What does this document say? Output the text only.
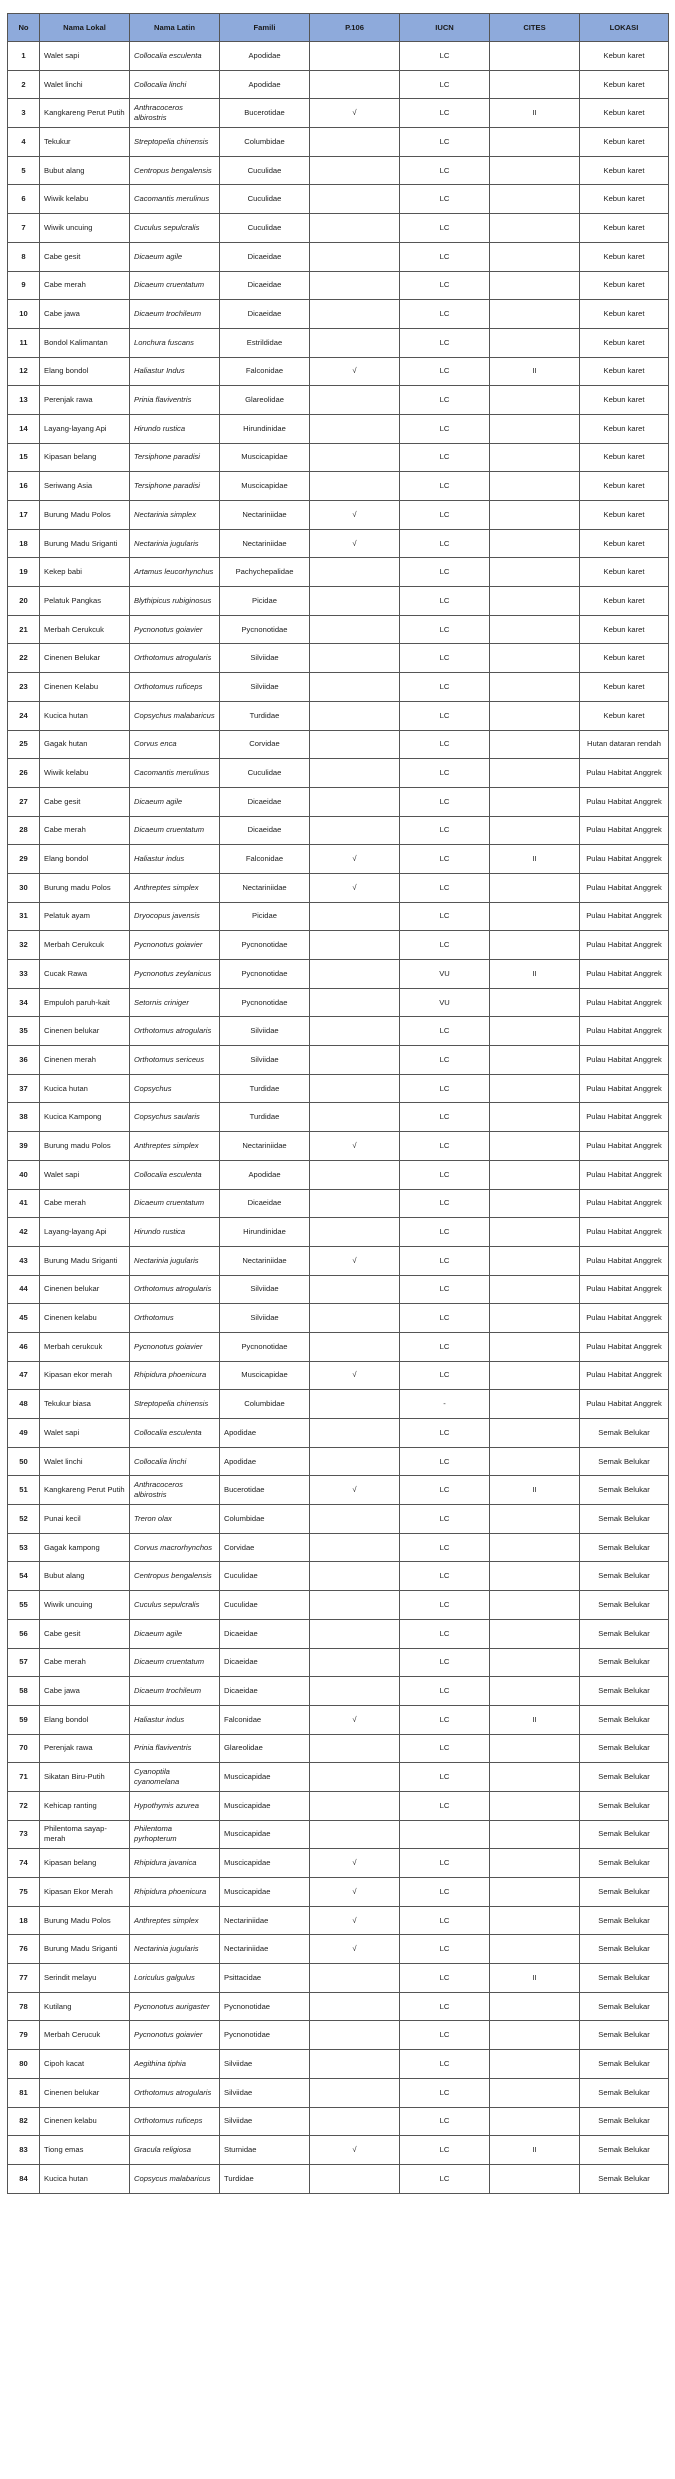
No	Nama Lokal	Nama Latin	Famili	P.106	IUCN	CITES	LOKASI
1	Walet sapi	Collocalia esculenta	Apodidae		LC		Kebun karet
2	Walet linchi	Collocalia linchi	Apodidae		LC		Kebun karet
3	Kangkareng Perut Putih	Anthracoceros albirostris	Bucerotidae	√	LC	II	Kebun karet
4	Tekukur	Streptopelia chinensis	Columbidae		LC		Kebun karet
5	Bubut alang	Centropus bengalensis	Cuculidae		LC		Kebun karet
6	Wiwik kelabu	Cacomantis merulinus	Cuculidae		LC		Kebun karet
7	Wiwik uncuing	Cuculus sepulcralis	Cuculidae		LC		Kebun karet
8	Cabe gesit	Dicaeum agile	Dicaeidae		LC		Kebun karet
9	Cabe merah	Dicaeum cruentatum	Dicaeidae		LC		Kebun karet
10	Cabe jawa	Dicaeum trochileum	Dicaeidae		LC		Kebun karet
11	Bondol Kalimantan	Lonchura fuscans	Estrildidae		LC		Kebun karet
12	Elang bondol	Haliastur Indus	Falconidae	√	LC	II	Kebun karet
13	Perenjak rawa	Prinia flaviventris	Glareolidae		LC		Kebun karet
14	Layang-layang Api	Hirundo rustica	Hirundinidae		LC		Kebun karet
15	Kipasan belang	Tersiphone paradisi	Muscicapidae		LC		Kebun karet
16	Seriwang Asia	Tersiphone paradisi	Muscicapidae		LC		Kebun karet
17	Burung Madu Polos	Nectarinia simplex	Nectariniidae	√	LC		Kebun karet
18	Burung Madu Sriganti	Nectarinia jugularis	Nectariniidae	√	LC		Kebun karet
19	Kekep babi	Artamus leucorhynchus	Pachychepalidae		LC		Kebun karet
20	Pelatuk Pangkas	Blythipicus rubiginosus	Picidae		LC		Kebun karet
21	Merbah Cerukcuk	Pycnonotus goiavier	Pycnonotidae		LC		Kebun karet
22	Cinenen Belukar	Orthotomus atrogularis	Silviidae		LC		Kebun karet
23	Cinenen Kelabu	Orthotomus ruficeps	Silviidae		LC		Kebun karet
24	Kucica hutan	Copsychus malabaricus	Turdidae		LC		Kebun karet
25	Gagak hutan	Corvus enca	Corvidae		LC		Hutan dataran rendah
26	Wiwik kelabu	Cacomantis merulinus	Cuculidae		LC		Pulau Habitat Anggrek
27	Cabe gesit	Dicaeum agile	Dicaeidae		LC		Pulau Habitat Anggrek
28	Cabe merah	Dicaeum cruentatum	Dicaeidae		LC		Pulau Habitat Anggrek
29	Elang bondol	Haliastur indus	Falconidae	√	LC	II	Pulau Habitat Anggrek
30	Burung madu Polos	Anthreptes simplex	Nectariniidae	√	LC		Pulau Habitat Anggrek
31	Pelatuk ayam	Dryocopus javensis	Picidae		LC		Pulau Habitat Anggrek
32	Merbah Cerukcuk	Pycnonotus goiavier	Pycnonotidae		LC		Pulau Habitat Anggrek
33	Cucak Rawa	Pycnonotus zeylanicus	Pycnonotidae		VU	II	Pulau Habitat Anggrek
34	Empuloh paruh-kait	Setornis criniger	Pycnonotidae		VU		Pulau Habitat Anggrek
35	Cinenen belukar	Orthotomus atrogularis	Silviidae		LC		Pulau Habitat Anggrek
36	Cinenen merah	Orthotomus sericeus	Silviidae		LC		Pulau Habitat Anggrek
37	Kucica hutan	Copsychus	Turdidae		LC		Pulau Habitat Anggrek
38	Kucica Kampong	Copsychus saularis	Turdidae		LC		Pulau Habitat Anggrek
39	Burung madu Polos	Anthreptes simplex	Nectariniidae	√	LC		Pulau Habitat Anggrek
40	Walet sapi	Collocalia esculenta	Apodidae		LC		Pulau Habitat Anggrek
41	Cabe merah	Dicaeum cruentatum	Dicaeidae		LC		Pulau Habitat Anggrek
42	Layang-layang Api	Hirundo rustica	Hirundinidae		LC		Pulau Habitat Anggrek
43	Burung Madu Sriganti	Nectarinia jugularis	Nectariniidae	√	LC		Pulau Habitat Anggrek
44	Cinenen belukar	Orthotomus atrogularis	Silviidae		LC		Pulau Habitat Anggrek
45	Cinenen kelabu	Orthotomus	Silviidae		LC		Pulau Habitat Anggrek
46	Merbah cerukcuk	Pycnonotus goiavier	Pycnonotidae		LC		Pulau Habitat Anggrek
47	Kipasan ekor merah	Rhipidura phoenicura	Muscicapidae	√	LC		Pulau Habitat Anggrek
48	Tekukur biasa	Streptopelia chinensis	Columbidae		-		Pulau Habitat Anggrek
49	Walet sapi	Collocalia esculenta	Apodidae		LC		Semak Belukar
50	Walet linchi	Collocalia linchi	Apodidae		LC		Semak Belukar
51	Kangkareng Perut Putih	Anthracoceros albirostris	Bucerotidae	√	LC	II	Semak Belukar
52	Punai kecil	Treron olax	Columbidae		LC		Semak Belukar
53	Gagak kampong	Corvus macrorhynchos	Corvidae		LC		Semak Belukar
54	Bubut alang	Centropus bengalensis	Cuculidae		LC		Semak Belukar
55	Wiwik uncuing	Cuculus sepulcralis	Cuculidae		LC		Semak Belukar
56	Cabe gesit	Dicaeum agile	Dicaeidae		LC		Semak Belukar
57	Cabe merah	Dicaeum cruentatum	Dicaeidae		LC		Semak Belukar
58	Cabe jawa	Dicaeum trochileum	Dicaeidae		LC		Semak Belukar
59	Elang bondol	Haliastur indus	Falconidae	√	LC	II	Semak Belukar
70	Perenjak rawa	Prinia flaviventris	Glareolidae		LC		Semak Belukar
71	Sikatan Biru-Putih	Cyanoptila cyanomelana	Muscicapidae		LC		Semak Belukar
72	Kehicap ranting	Hypothymis azurea	Muscicapidae		LC		Semak Belukar
73	Philentoma sayap-merah	Philentoma pyrhopterum	Muscicapidae				Semak Belukar
74	Kipasan belang	Rhipidura javanica	Muscicapidae	√	LC		Semak Belukar
75	Kipasan Ekor Merah	Rhipidura phoenicura	Muscicapidae	√	LC		Semak Belukar
18	Burung Madu Polos	Anthreptes simplex	Nectariniidae	√	LC		Semak Belukar
76	Burung Madu Sriganti	Nectarinia jugularis	Nectariniidae	√	LC		Semak Belukar
77	Serindit melayu	Loriculus galgulus	Psittacidae		LC	II	Semak Belukar
78	Kutilang	Pycnonotus aurigaster	Pycnonotidae		LC		Semak Belukar
79	Merbah Cerucuk	Pycnonotus goiavier	Pycnonotidae		LC		Semak Belukar
80	Cipoh kacat	Aegithina tiphia	Silviidae		LC		Semak Belukar
81	Cinenen belukar	Orthotomus atrogularis	Silviidae		LC		Semak Belukar
82	Cinenen kelabu	Orthotomus ruficeps	Silviidae		LC		Semak Belukar
83	Tiong emas	Gracula religiosa	Sturnidae	√	LC	II	Semak Belukar
84	Kucica hutan	Copsycus malabaricus	Turdidae		LC		Semak Belukar
